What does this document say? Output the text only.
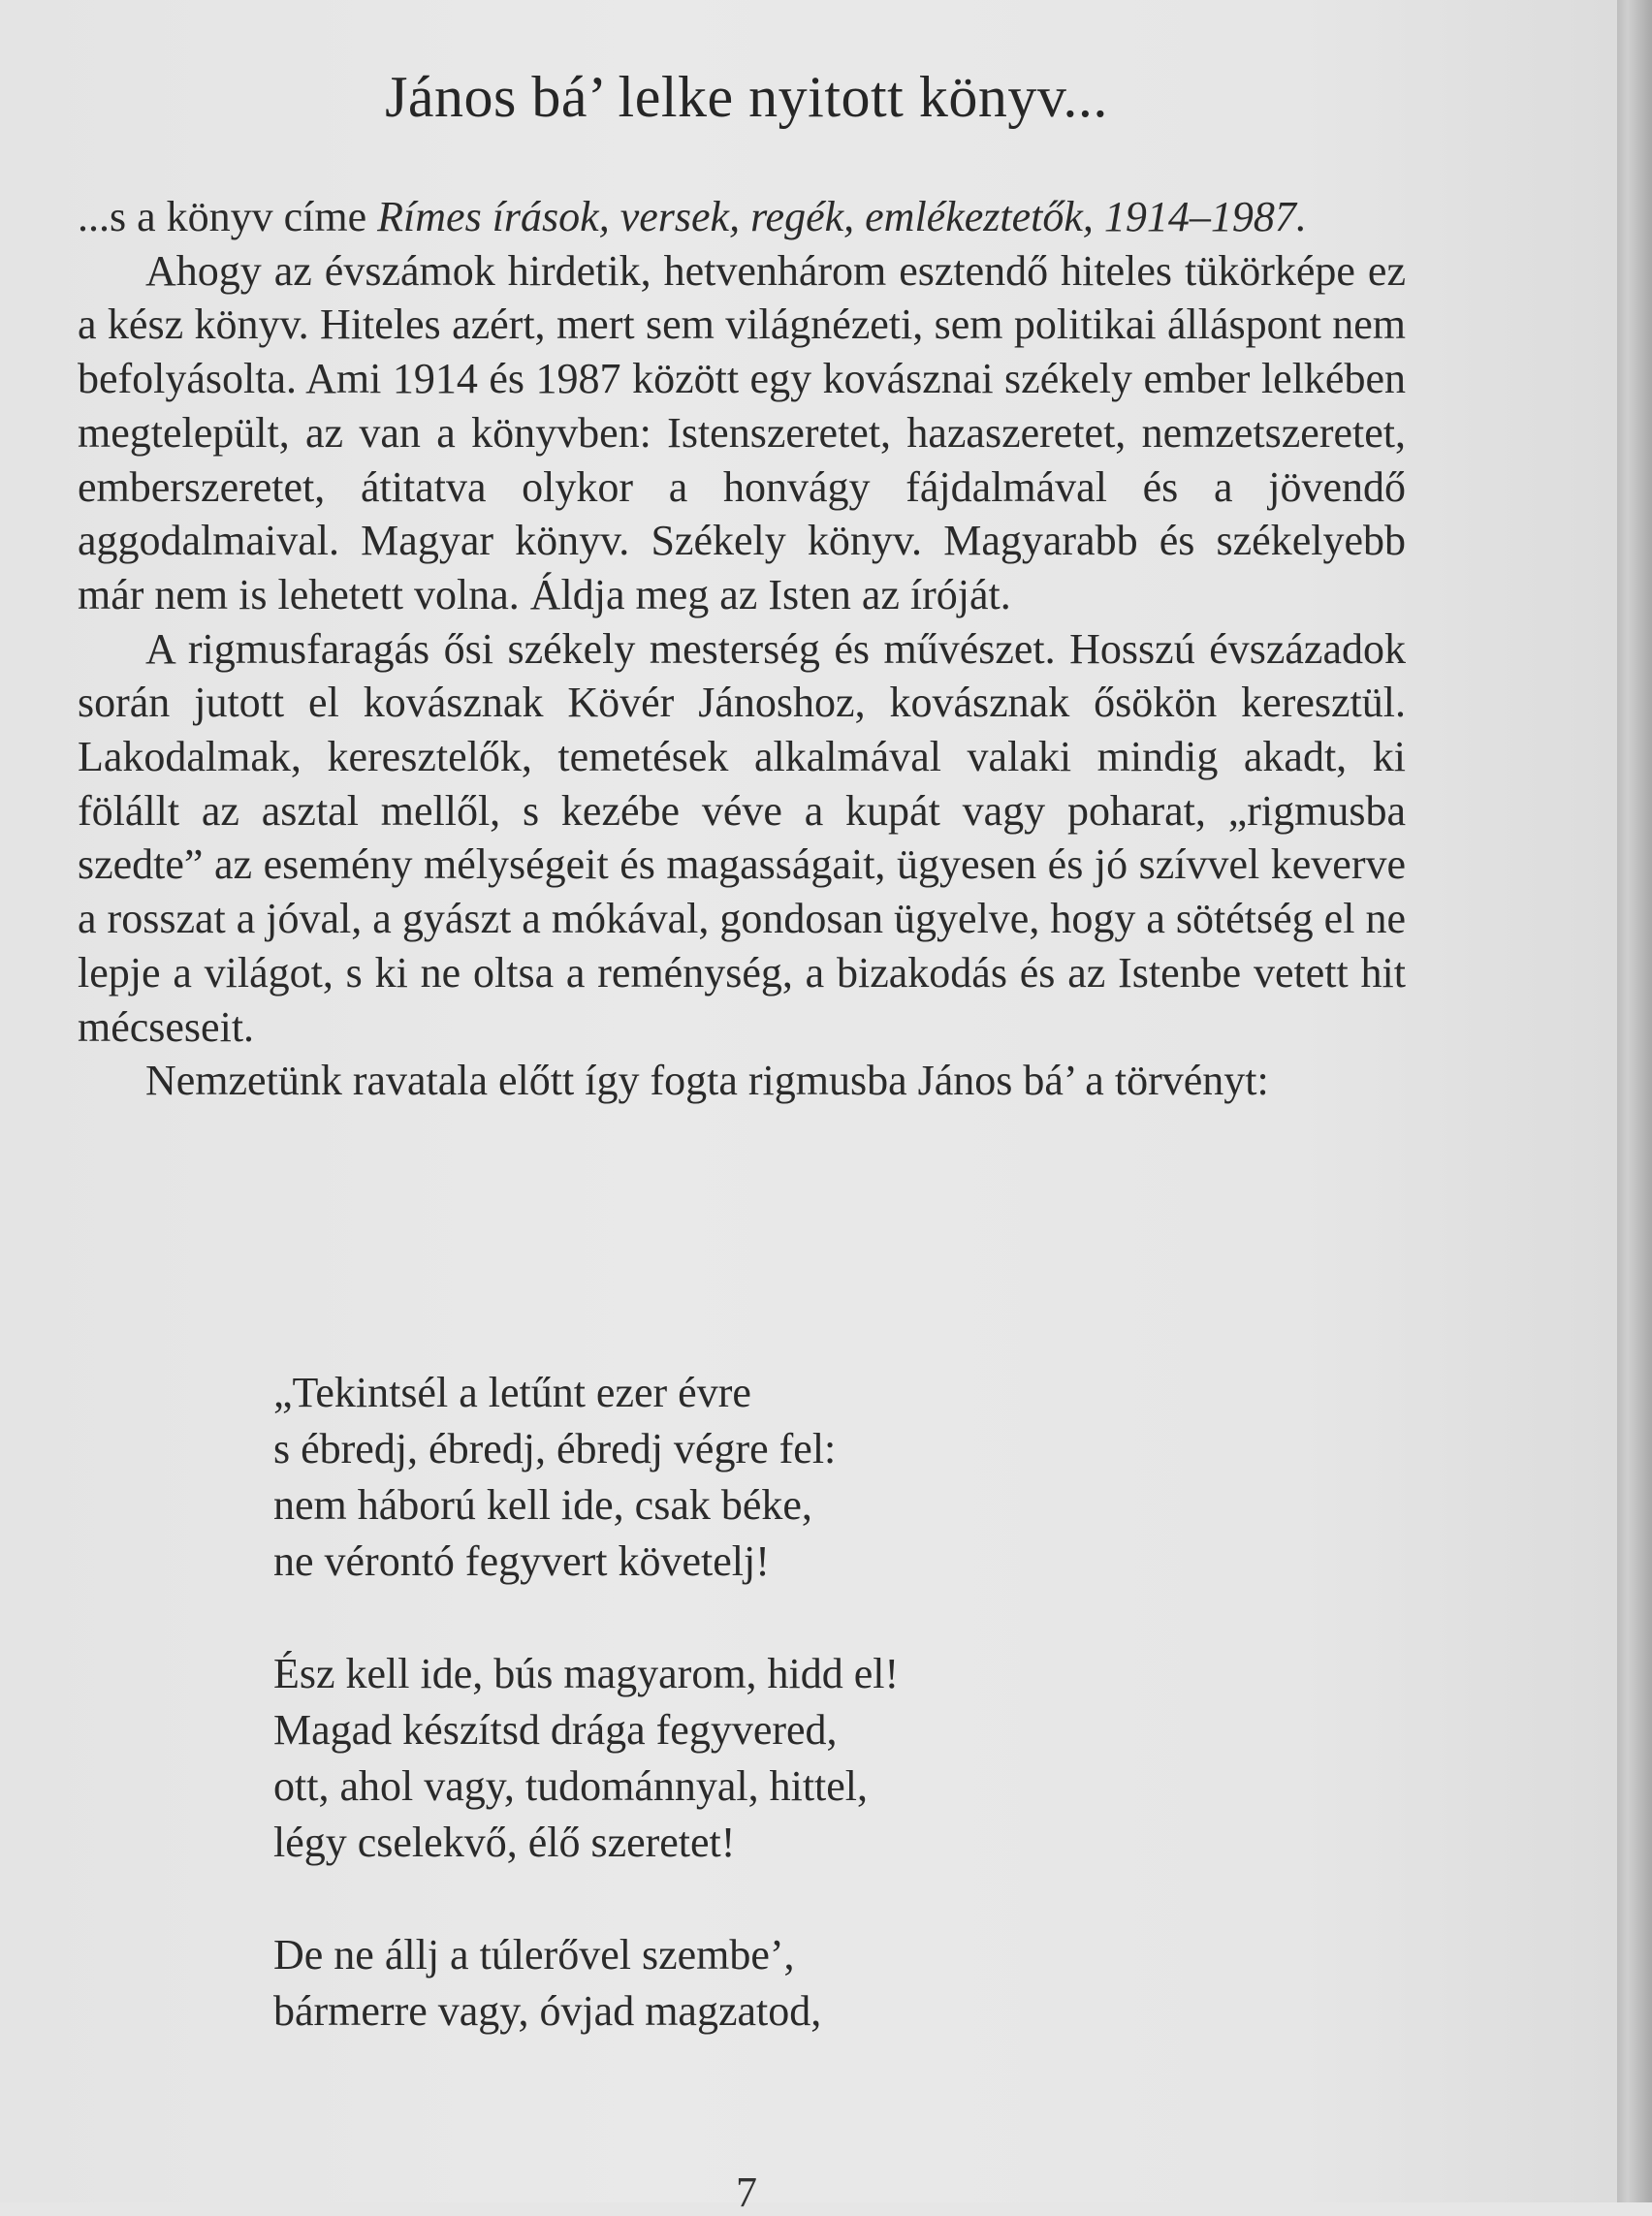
János bá’ lelke nyitott könyv...

...s a könyv címe Rímes írások, versek, regék, emlékeztetők, 1914–1987.

Ahogy az évszámok hirdetik, hetvenhárom esztendő hiteles tükörképe ez a kész könyv. Hiteles azért, mert sem világnézeti, sem politikai álláspont nem befolyásolta. Ami 1914 és 1987 között egy kovásznai székely ember lelkében megtelepült, az van a könyvben: Istenszeretet, hazaszeretet, nemzetszeretet, emberszeretet, átitatva olykor a honvágy fájdalmával és a jövendő aggodalmaival. Magyar könyv. Székely könyv. Magyarabb és székelyebb már nem is lehetett volna. Áldja meg az Isten az íróját.

A rigmusfaragás ősi székely mesterség és művészet. Hosszú évszázadok során jutott el kovásznak Kövér Jánoshoz, kovásznak ősökön keresztül. Lakodalmak, keresztelők, temetések alkalmával valaki mindig akadt, ki fölállt az asztal mellől, s kezébe véve a kupát vagy poharat, „rigmusba szedte” az esemény mélységeit és magasságait, ügyesen és jó szívvel keverve a rosszat a jóval, a gyászt a mókával, gondosan ügyelve, hogy a sötétség el ne lepje a világot, s ki ne oltsa a reménység, a bizakodás és az Istenbe vetett hit mécseseit.

Nemzetünk ravatala előtt így fogta rigmusba János bá’ a törvényt:

„Tekintsél a letűnt ezer évre
s ébredj, ébredj, ébredj végre fel:
nem háború kell ide, csak béke,
ne vérontó fegyvert követelj!
Ész kell ide, bús magyarom, hidd el!
Magad készítsd drága fegyvered,
ott, ahol vagy, tudománnyal, hittel,
légy cselekvő, élő szeretet!
De ne állj a túlerővel szembe’,
bármerre vagy, óvjad magzatod,
7
